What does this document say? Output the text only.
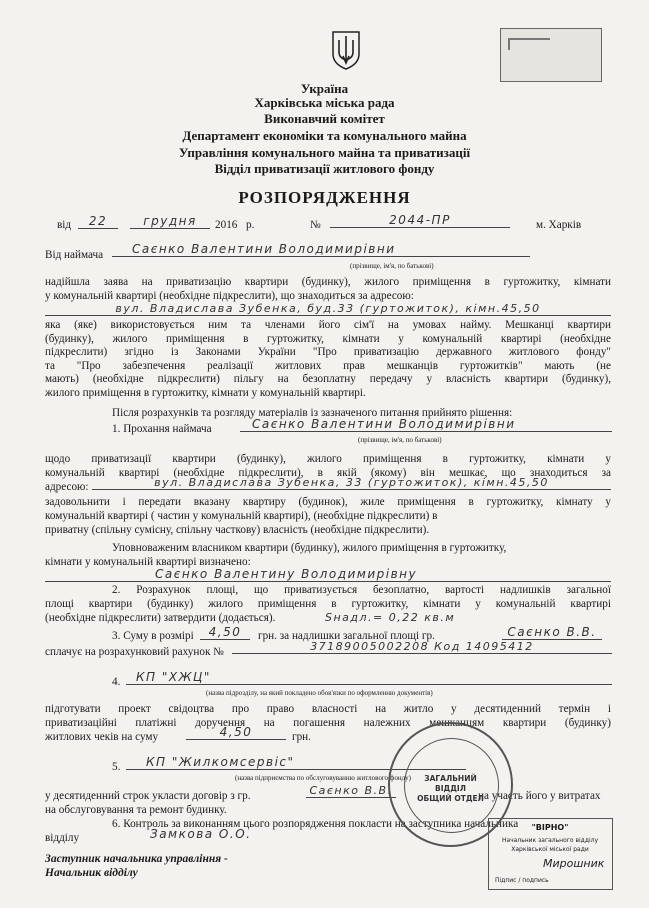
Україна
Харківська міська рада
Виконавчий комітет
Департамент економіки та комунального майна
Управління комунального майна та приватизації
Відділ приватизації житлового фонду
РОЗПОРЯДЖЕННЯ
від	22	грудня	2016 р.	№	2044-ПР	м. Харків
Від наймача	Саєнко Валентини Володимирівни
(прізвище, ім'я, по батькові)
надійшла заява на приватизацію квартири (будинку), жилого приміщення в гуртожитку, кімнати
у комунальній квартирі (необхідне підкреслити), що знаходиться за адресою:
вул. Владислава Зубенка, буд.33 (гуртожиток), кімн.45,50
яка (яке) використовується ним та членами його сім'ї на умовах найму. Мешканці квартири
(будинку), жилого приміщення в гуртожитку, кімнати у комунальній квартирі (необхідне
підкреслити) згідно із Законами України "Про приватизацію державного житлового фонду"
та "Про забезпечення реалізації житлових прав мешканців гуртожитків" мають (не
мають) (необхідне підкреслити) пільгу на безоплатну передачу у власність квартири (будинку),
жилого приміщення в гуртожитку, кімнати у комунальній квартирі.
Після розрахунків та розгляду матеріалів із зазначеного питання прийнято рішення:
1. Прохання наймача	Саєнко Валентини Володимирівни
(прізвище, ім'я, по батькові)
щодо приватизації квартири (будинку), жилого приміщення в гуртожитку, кімнати у
комунальній квартирі (необхідне підкреслити), в якій (якому) він мешкає, що знаходиться за
адресою:	вул. Владислава Зубенка, 33 (гуртожиток), кімн.45,50
задовольнити і передати вказану квартиру (будинок), жиле приміщення в гуртожитку, кімнату у
комунальній квартирі ( частин у комунальній квартирі), (необхідне підкреслити) в
приватну (спільну сумісну, спільну часткову) власність (необхідне підкреслити).
Уповноваженим власником квартири (будинку), жилого приміщення в гуртожитку,
кімнати у комунальній квартирі визначено:
Саєнко Валентину Володимирівну
2. Розрахунок площі, що приватизується безоплатно, вартості надлишків загальної
площі квартири (будинку) жилого приміщення в гуртожитку, кімнати у комунальній квартирі
(необхідне підкреслити) затвердити (додається).	Sнадл.= 0,22 кв.м
3. Суму в розмірі	4,50	грн. за надлишки загальної площі гр.	Саєнко В.В.
сплачує на розрахунковий рахунок №	37189005002208 Код 14095412
4.	КП "ХЖЦ"
(назва підрозділу, на який покладено обов'язки по оформленню документів)
підготувати проект свідоцтва про право власності на житло у десятиденний термін і
приватизаційні платіжні доручення на погашення належних мешканцям квартири (будинку)
житлових чеків на суму	4,50	грн.
5.	КП "Жилкомсервіс"
(назва підприємства по обслуговуванню житлового фонду)
у десятиденний строк укласти договір з гр.	Саєнко В.В.	на участь його у витратах
на обслуговування та ремонт будинку.
6. Контроль за виконанням цього розпорядження покласти на заступника начальника
відділу	Замкова О.О.
Заступник начальника управління -
Начальник відділу
ЗАГАЛЬНИЙ
ВІДДІЛ
ОБЩИЙ ОТДЕЛ
"ВІРНО"
Начальник загального відділу
Харківської міської ради
Мирошник
Підпис / подпись
